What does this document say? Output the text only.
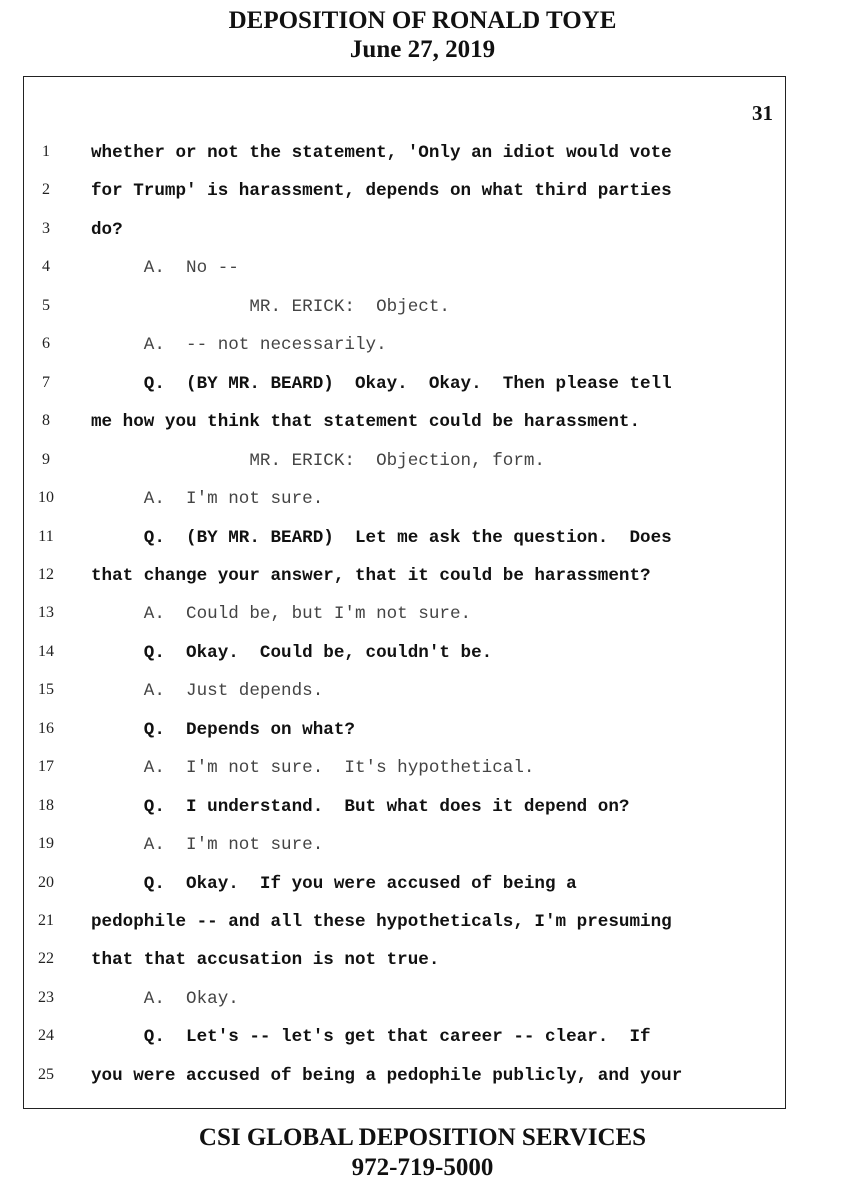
DEPOSITION OF RONALD TOYE
June 27, 2019
31
1	whether or not the statement, 'Only an idiot would vote
2	for Trump' is harassment, depends on what third parties
3	do?
4	A.  No --
5	MR. ERICK:  Object.
6	A.  -- not necessarily.
7	Q.  (BY MR. BEARD)  Okay.  Okay.  Then please tell
8	me how you think that statement could be harassment.
9	MR. ERICK:  Objection, form.
10	A.  I'm not sure.
11	Q.  (BY MR. BEARD)  Let me ask the question.  Does
12	that change your answer, that it could be harassment?
13	A.  Could be, but I'm not sure.
14	Q.  Okay.  Could be, couldn't be.
15	A.  Just depends.
16	Q.  Depends on what?
17	A.  I'm not sure.  It's hypothetical.
18	Q.  I understand.  But what does it depend on?
19	A.  I'm not sure.
20	Q.  Okay.  If you were accused of being a
21	pedophile -- and all these hypotheticals, I'm presuming
22	that that accusation is not true.
23	A.  Okay.
24	Q.  Let's -- let's get that career -- clear.  If
25	you were accused of being a pedophile publicly, and your
CSI GLOBAL DEPOSITION SERVICES
972-719-5000
